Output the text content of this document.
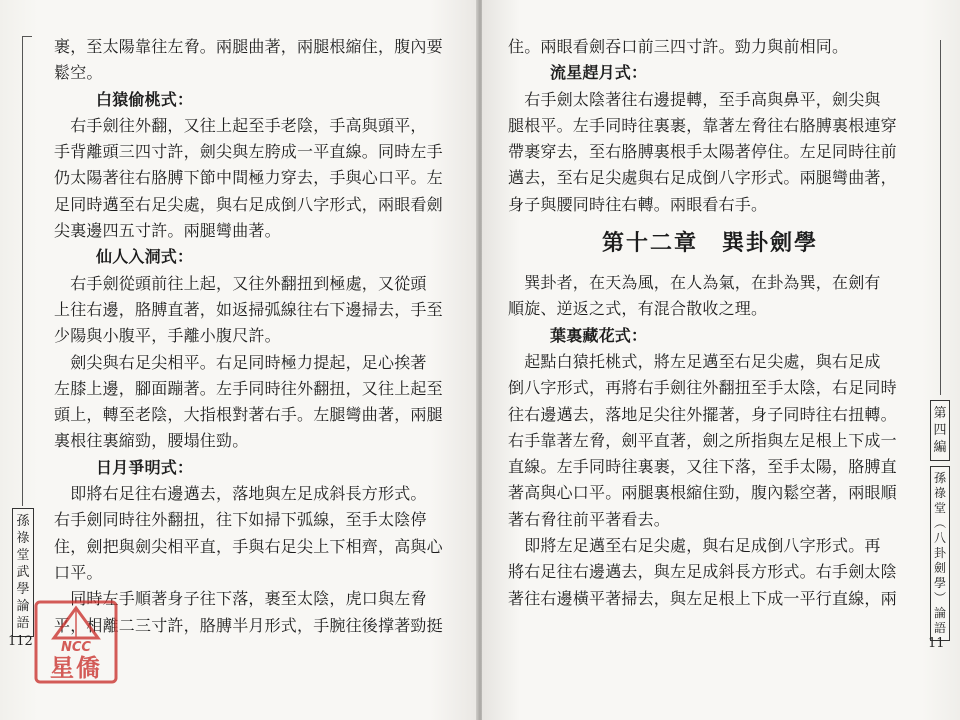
孫
祿
堂
武
學
論
語
112
裹，至太陽靠往左脅。兩腿曲著，兩腿根縮住，腹內要
鬆空。
白猿偷桃式：
　右手劍往外翻，又往上起至手老陰，手高與頭平，
手背離頭三四寸許，劍尖與左胯成一平直線。同時左手
仍太陽著往右胳膊下節中間極力穿去，手與心口平。左
足同時邁至右足尖處，與右足成倒八字形式，兩眼看劍
尖裏邊四五寸許。兩腿彎曲著。
仙人入洞式：
　右手劍從頭前往上起，又往外翻扭到極處，又從頭
上往右邊，胳膊直著，如返掃弧線往右下邊掃去，手至
少陽與小腹平，手離小腹尺許。
　劍尖與右足尖相平。右足同時極力提起，足心挨著
左膝上邊，腳面蹦著。左手同時往外翻扭，又往上起至
頭上，轉至老陰，大指根對著右手。左腿彎曲著，兩腿
裏根往裏縮勁，腰塌住勁。
日月爭明式：
　即將右足往右邊邁去，落地與左足成斜長方形式。
右手劍同時往外翻扭，往下如掃下弧線，至手太陰停
住，劍把與劍尖相平直，手與右足尖上下相齊，高與心
口平。
　同時左手順著身子往下落，裹至太陰，虎口與左脅
平，相離二三寸許，胳膊半月形式，手腕往後撑著勁挺
NCC
星僑
第
四
編
孫
祿
堂
︵
八
卦
劍
學
︶
論
語
11
住。兩眼看劍吞口前三四寸許。勁力與前相同。
流星趕月式：
　右手劍太陰著往右邊提轉，至手高與鼻平，劍尖與
腿根平。左手同時往裏裹，靠著左脅往右胳膊裏根連穿
帶裹穿去，至右胳膊裏根手太陽著停住。左足同時往前
邁去，至右足尖處與右足成倒八字形式。兩腿彎曲著，
身子與腰同時往右轉。兩眼看右手。
第十二章　巽卦劍學
　巽卦者，在天為風，在人為氣，在卦為巽，在劍有
順旋、逆返之式，有混合散收之理。
葉裏藏花式：
　起點白猿托桃式，將左足邁至右足尖處，與右足成
倒八字形式，再將右手劍往外翻扭至手太陰，右足同時
往右邊邁去，落地足尖往外擺著，身子同時往右扭轉。
右手靠著左脅，劍平直著，劍之所指與左足根上下成一
直線。左手同時往裏裹，又往下落，至手太陽，胳膊直
著高與心口平。兩腿裏根縮住勁，腹內鬆空著，兩眼順
著右脅往前平著看去。
　即將左足邁至右足尖處，與右足成倒八字形式。再
將右足往右邊邁去，與左足成斜長方形式。右手劍太陰
著往右邊橫平著掃去，與左足根上下成一平行直線，兩
